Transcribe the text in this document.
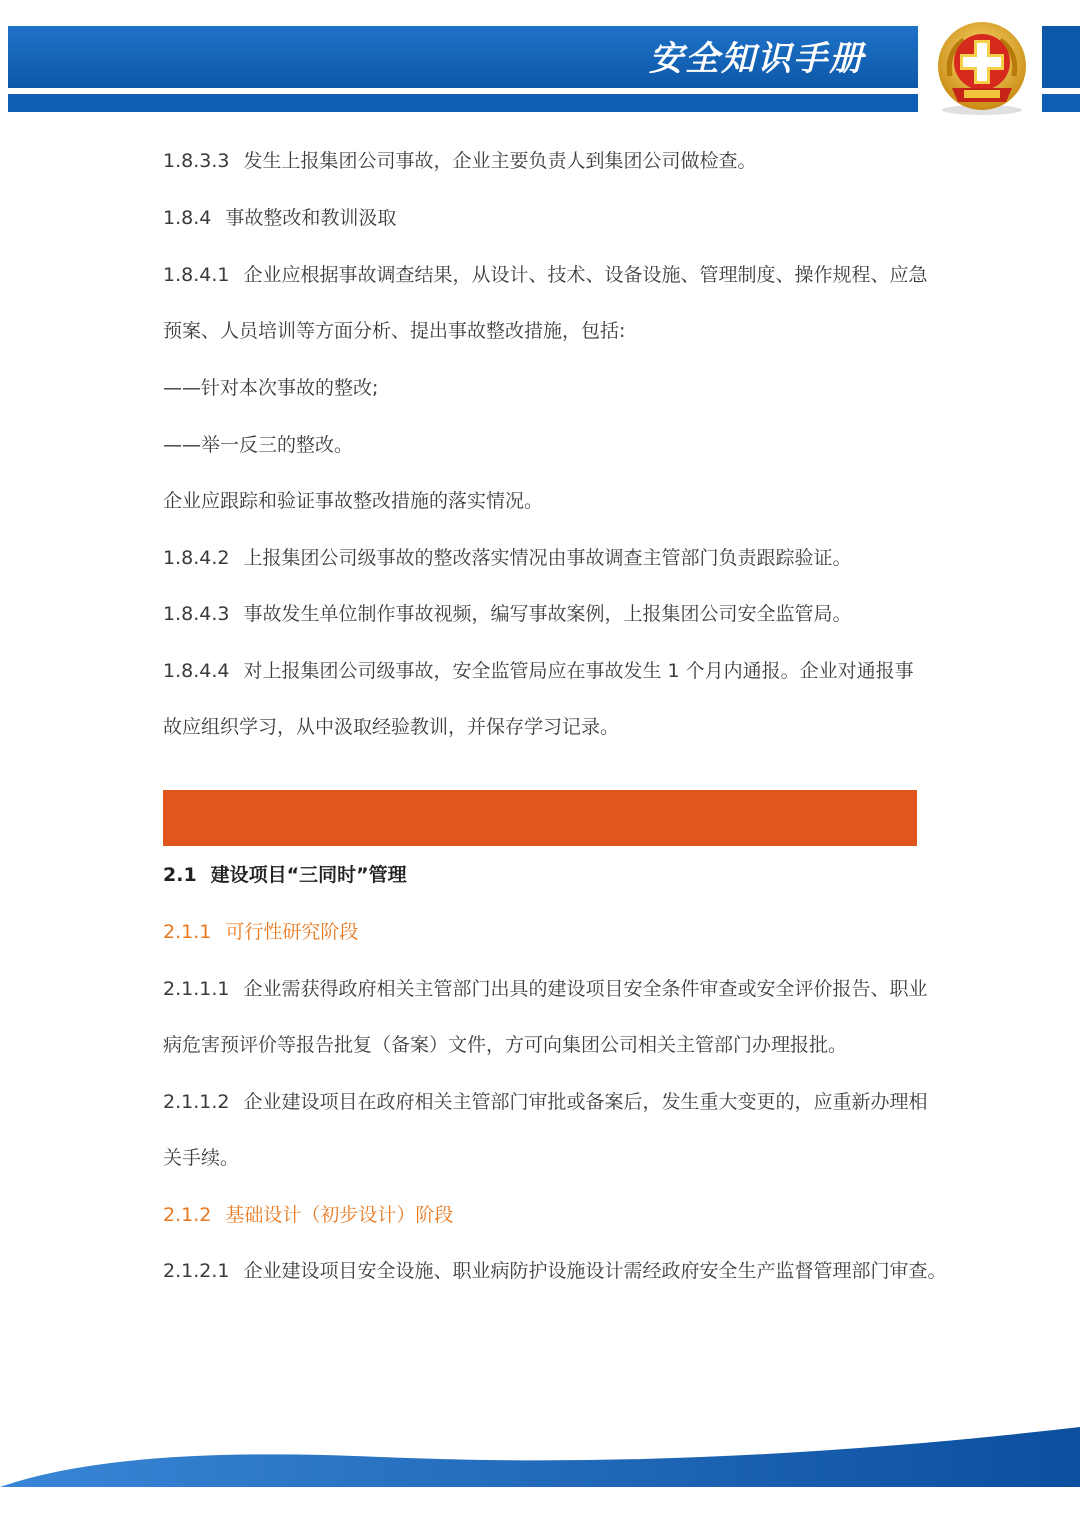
安全知识手册
1.8.3.3 发生上报集团公司事故，企业主要负责人到集团公司做检查。
1.8.4 事故整改和教训汲取
1.8.4.1 企业应根据事故调查结果，从设计、技术、设备设施、管理制度、操作规程、应急
预案、人员培训等方面分析、提出事故整改措施，包括:
——针对本次事故的整改;
——举一反三的整改。
企业应跟踪和验证事故整改措施的落实情况。
1.8.4.2 上报集团公司级事故的整改落实情况由事故调查主管部门负责跟踪验证。
1.8.4.3 事故发生单位制作事故视频，编写事故案例，上报集团公司安全监管局。
1.8.4.4 对上报集团公司级事故，安全监管局应在事故发生 1 个月内通报。企业对通报事
故应组织学习，从中汲取经验教训，并保存学习记录。
2.1 建设项目“三同时”管理
2.1.1 可行性研究阶段
2.1.1.1 企业需获得政府相关主管部门出具的建设项目安全条件审查或安全评价报告、职业
病危害预评价等报告批复（备案）文件，方可向集团公司相关主管部门办理报批。
2.1.1.2 企业建设项目在政府相关主管部门审批或备案后，发生重大变更的，应重新办理相
关手续。
2.1.2 基础设计（初步设计）阶段
2.1.2.1 企业建设项目安全设施、职业病防护设施设计需经政府安全生产监督管理部门审查。
